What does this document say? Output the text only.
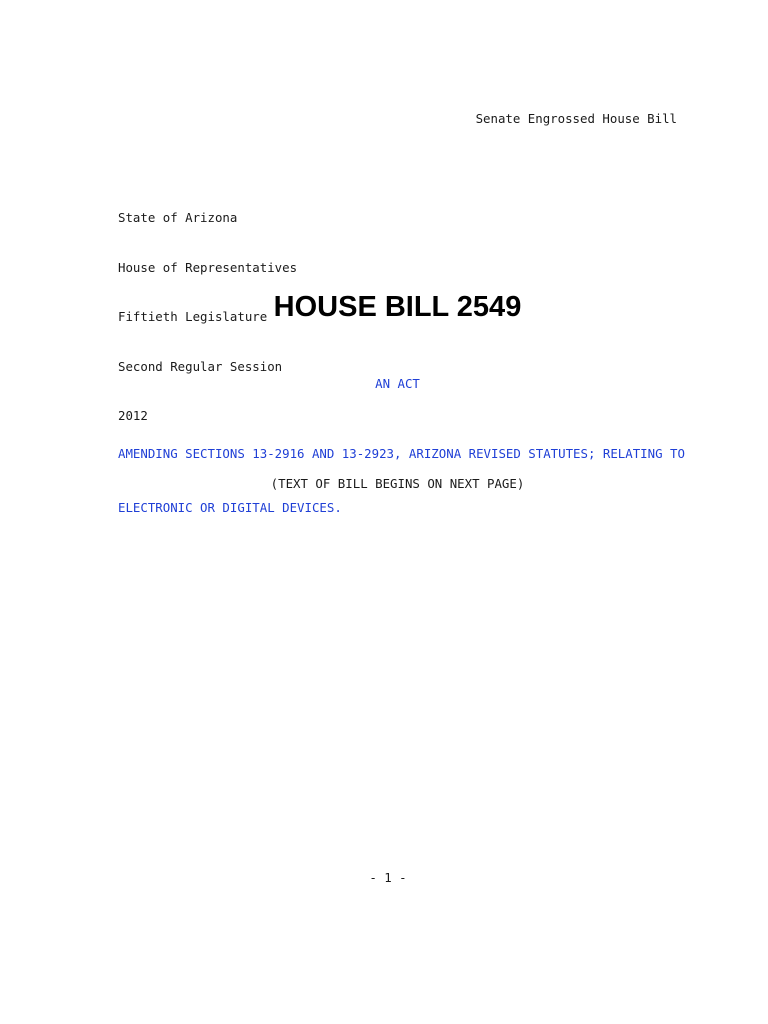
Senate Engrossed House Bill

State of Arizona

House of Representatives

Fiftieth Legislature

Second Regular Session

2012

HOUSE BILL 2549
AN ACT

AMENDING SECTIONS 13-2916 AND 13-2923, ARIZONA REVISED STATUTES; RELATING TO

ELECTRONIC OR DIGITAL DEVICES.

(TEXT OF BILL BEGINS ON NEXT PAGE)
- 1 -
